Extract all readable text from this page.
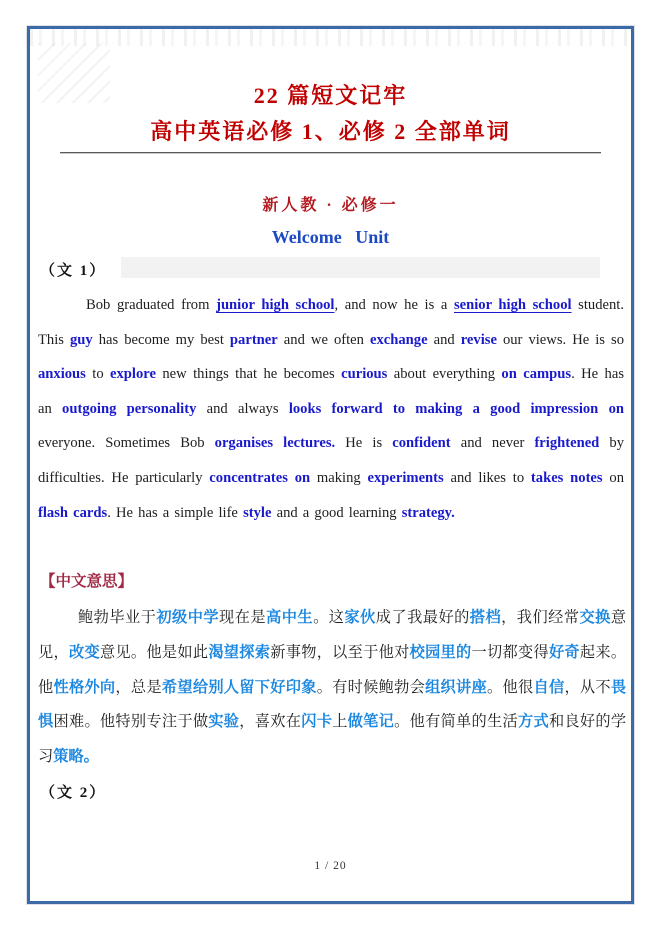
22 篇短文记牢
高中英语必修 1、必修 2 全部单词
新人教 · 必修一
Welcome   Unit
（文 1）

Bob graduated from junior high school, and now he is a senior high school student. This guy has become my best partner and we often exchange and revise our views. He is so anxious to explore new things that he becomes curious about everything on campus. He has an outgoing personality and always looks forward to making a good impression on everyone. Sometimes Bob organises lectures. He is confident and never frightened by difficulties. He particularly concentrates on making experiments and likes to takes notes on flash cards. He has a simple life style and a good learning strategy.

【中文意思】

鲍勃毕业于初级中学现在是高中生。这家伙成了我最好的搭档，我们经常交换意见，改变意见。他是如此渴望探索新事物，以至于他对校园里的一切都变得好奇起来。他性格外向，总是希望给别人留下好印象。有时候鲍勃会组织讲座。他很自信，从不畏惧困难。他特别专注于做实验，喜欢在闪卡上做笔记。他有简单的生活方式和良好的学习策略。

（文 2）
1 / 20
